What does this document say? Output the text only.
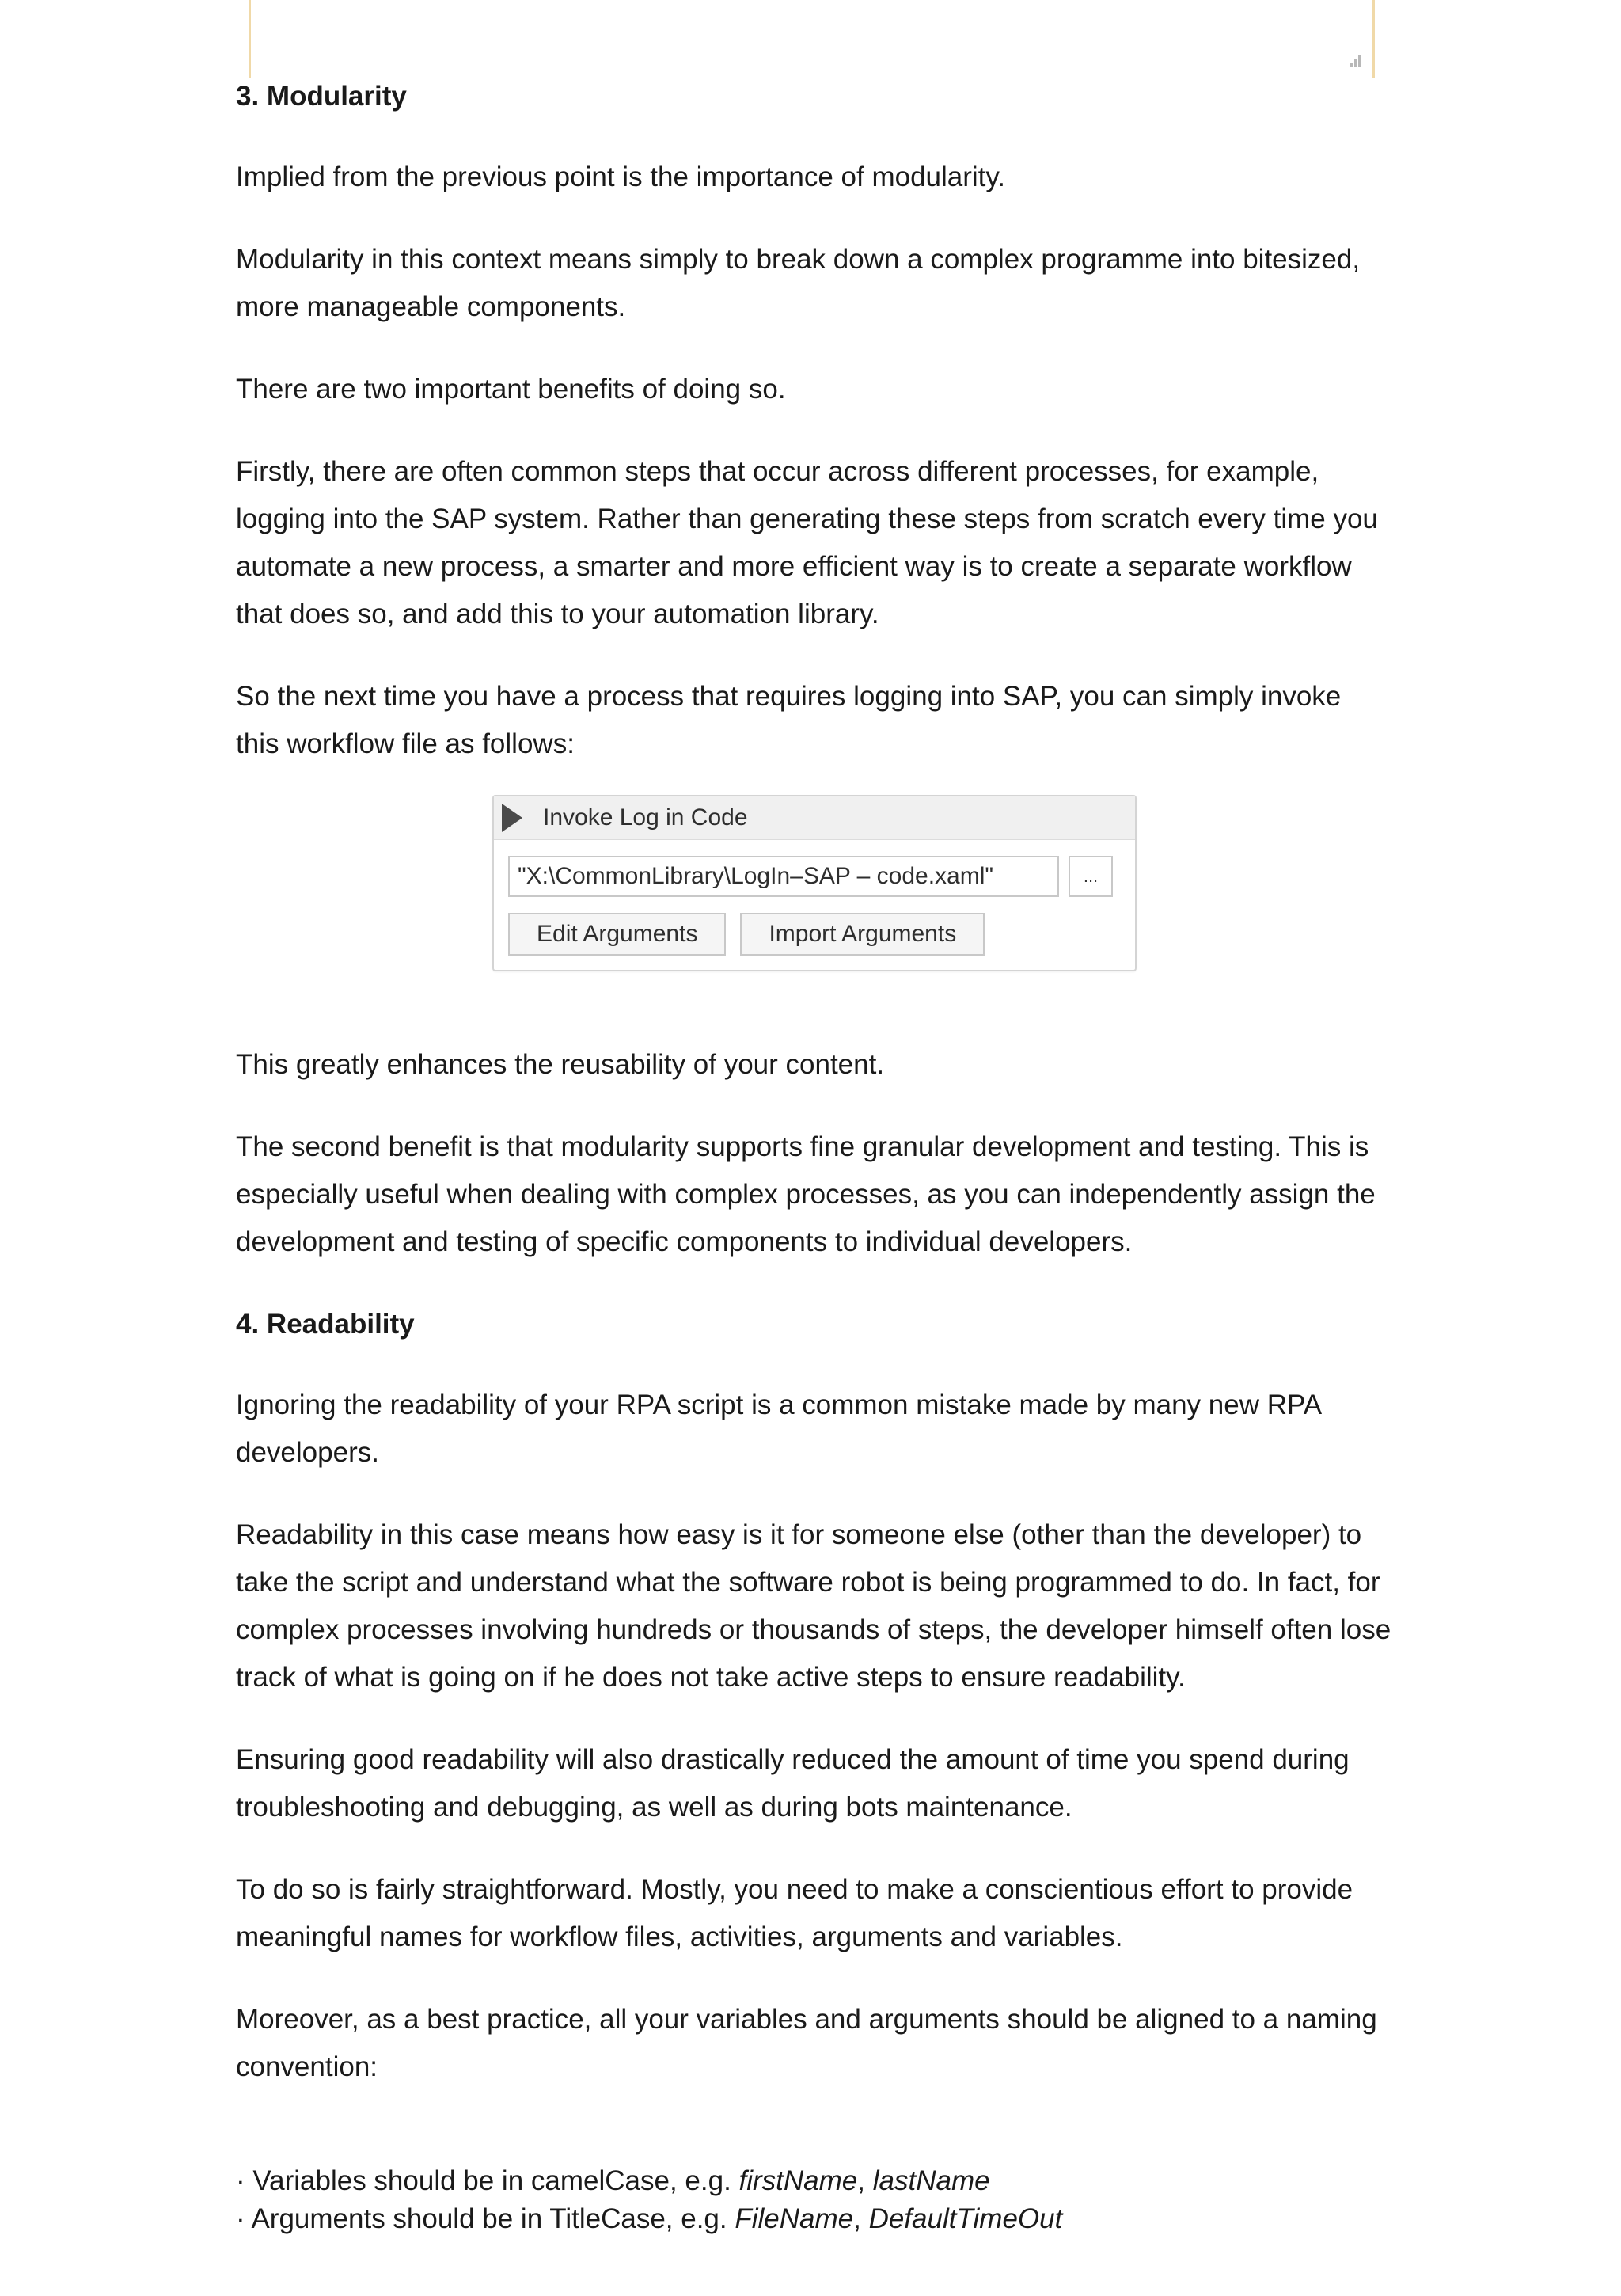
3. Modularity

Implied from the previous point is the importance of modularity.

Modularity in this context means simply to break down a complex programme into bitesized, more manageable components.

There are two important benefits of doing so.

Firstly, there are often common steps that occur across different processes, for example, logging into the SAP system. Rather than generating these steps from scratch every time you automate a new process, a smarter and more efficient way is to create a separate workflow that does so, and add this to your automation library.

So the next time you have a process that requires logging into SAP, you can simply invoke this workflow file as follows:

Invoke Log in Code
"X:\CommonLibrary\LogIn–SAP – code.xaml"
...
Edit Arguments	Import Arguments

This greatly enhances the reusability of your content.

The second benefit is that modularity supports fine granular development and testing. This is especially useful when dealing with complex processes, as you can independently assign the development and testing of specific components to individual developers.

4. Readability

Ignoring the readability of your RPA script is a common mistake made by many new RPA developers.

Readability in this case means how easy is it for someone else (other than the developer) to take the script and understand what the software robot is being programmed to do. In fact, for complex processes involving hundreds or thousands of steps, the developer himself often lose track of what is going on if he does not take active steps to ensure readability.

Ensuring good readability will also drastically reduced the amount of time you spend during troubleshooting and debugging, as well as during bots maintenance.

To do so is fairly straightforward. Mostly, you need to make a conscientious effort to provide meaningful names for workflow files, activities, arguments and variables.

Moreover, as a best practice, all your variables and arguments should be aligned to a naming convention:

· Variables should be in camelCase, e.g. firstName, lastName
· Arguments should be in TitleCase, e.g. FileName, DefaultTimeOut
